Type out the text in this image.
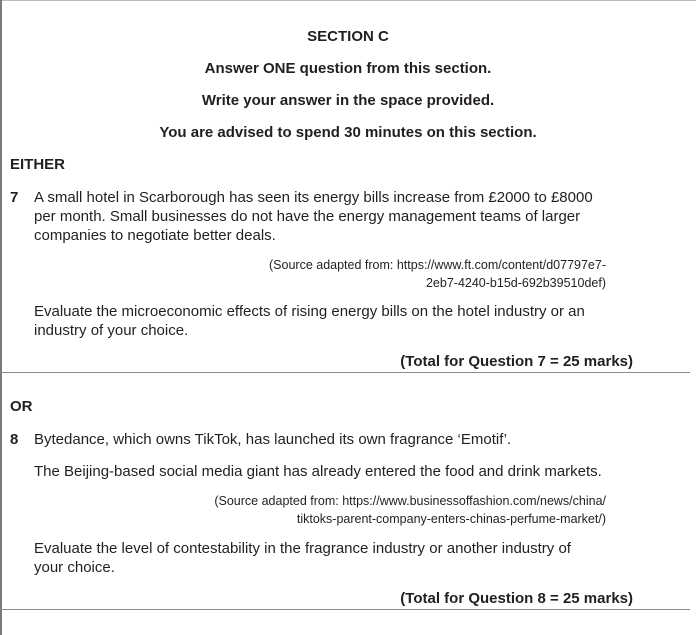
SECTION C
Answer ONE question from this section.
Write your answer in the space provided.
You are advised to spend 30 minutes on this section.
EITHER
7 A small hotel in Scarborough has seen its energy bills increase from £2000 to £8000
per month. Small businesses do not have the energy management teams of larger
companies to negotiate better deals.
(Source adapted from: https://www.ft.com/content/d07797e7-
2eb7-4240-b15d-692b39510def)
Evaluate the microeconomic effects of rising energy bills on the hotel industry or an
industry of your choice.
(Total for Question 7 = 25 marks)
OR
8 Bytedance, which owns TikTok, has launched its own fragrance ‘Emotif’.
The Beijing-based social media giant has already entered the food and drink markets.
(Source adapted from: https://www.businessoffashion.com/news/china/
tiktoks-parent-company-enters-chinas-perfume-market/)
Evaluate the level of contestability in the fragrance industry or another industry of
your choice.
(Total for Question 8 = 25 marks)
